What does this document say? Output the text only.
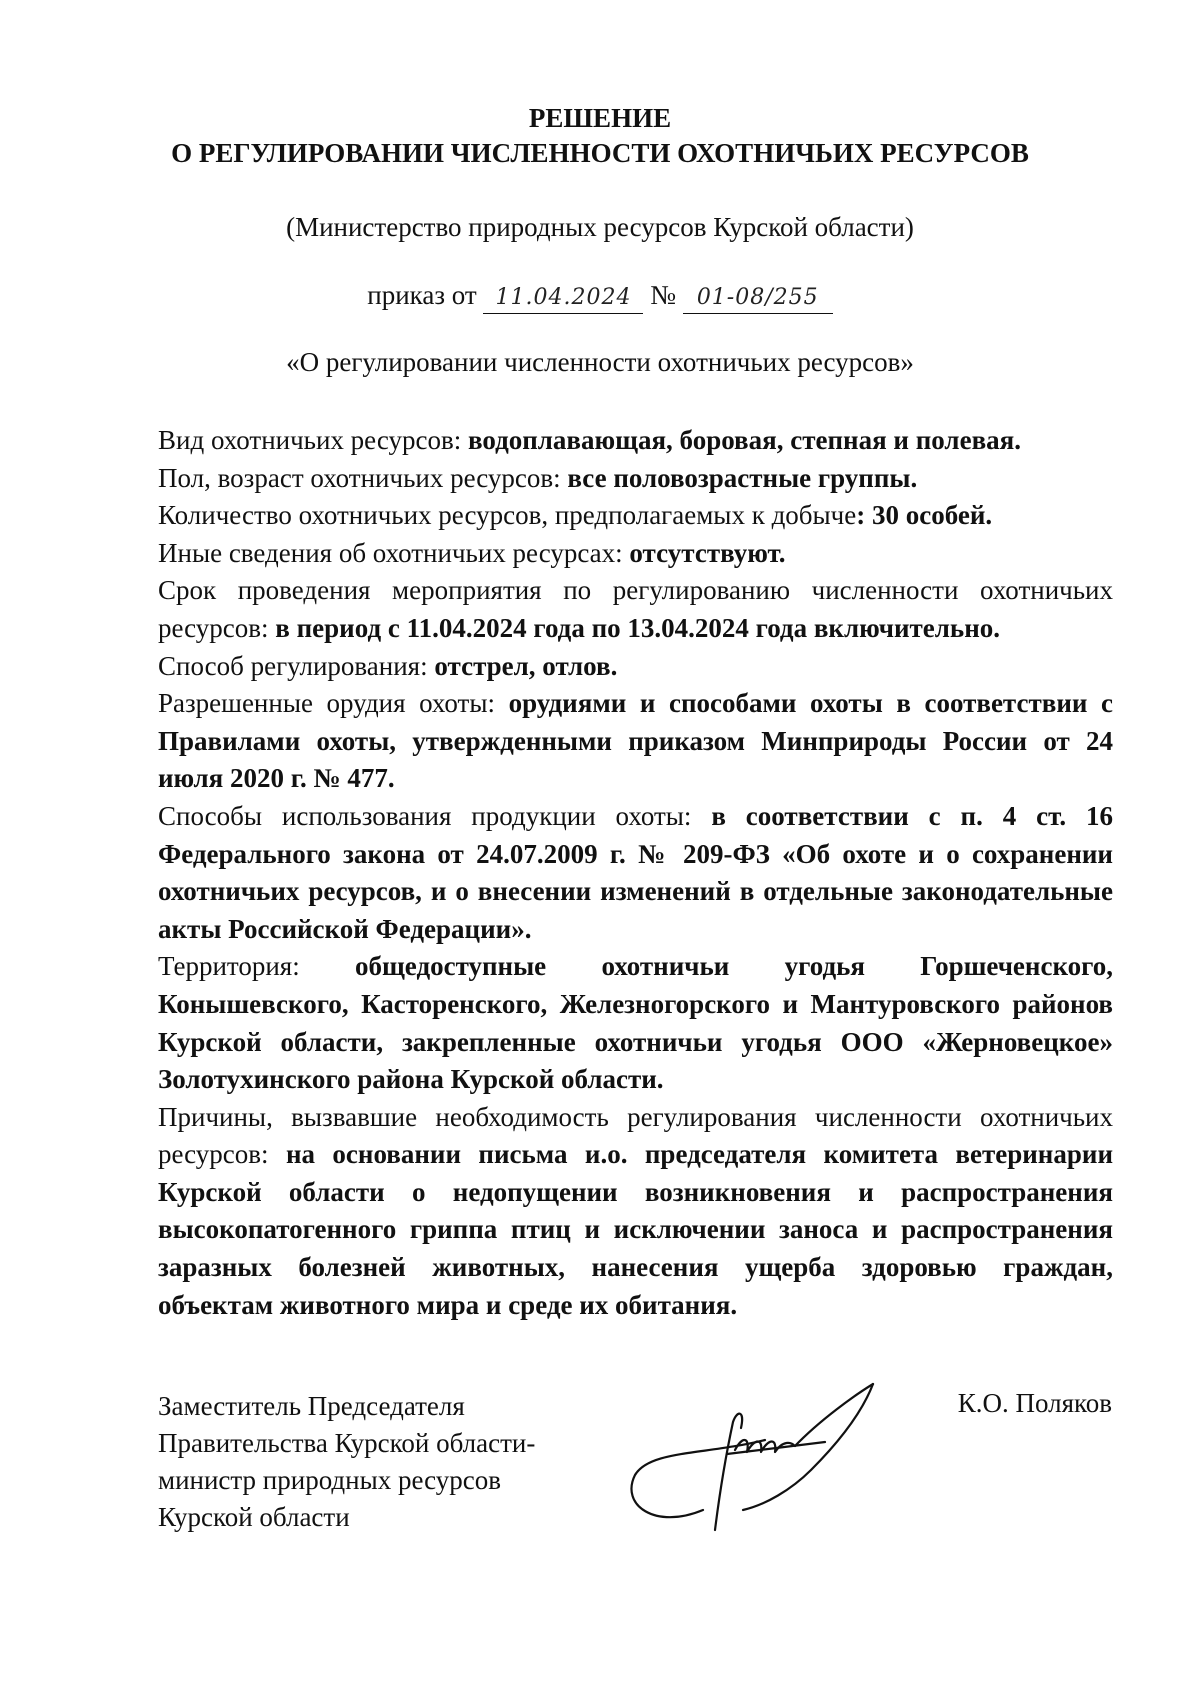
РЕШЕНИЕ
О РЕГУЛИРОВАНИИ ЧИСЛЕННОСТИ ОХОТНИЧЬИХ РЕСУРСОВ
(Министерство природных ресурсов Курской области)
приказ от 11.04.2024 № 01-08/255
«О регулировании численности охотничьих ресурсов»

Вид охотничьих ресурсов: водоплавающая, боровая, степная и полевая.

Пол, возраст охотничьих ресурсов: все половозрастные группы.

Количество охотничьих ресурсов, предполагаемых к добыче: 30 особей.

Иные сведения об охотничьих ресурсах: отсутствуют.

Срок проведения мероприятия по регулированию численности охотничьих ресурсов: в период с 11.04.2024 года по 13.04.2024 года включительно.

Способ регулирования: отстрел, отлов.

Разрешенные орудия охоты: орудиями и способами охоты в соответствии с Правилами охоты, утвержденными приказом Минприроды России от 24 июля 2020 г. № 477.

Способы использования продукции охоты: в соответствии с п. 4 ст. 16 Федерального закона от 24.07.2009 г. № 209-ФЗ «Об охоте и о сохранении охотничьих ресурсов, и о внесении изменений в отдельные законодательные акты Российской Федерации».

Территория: общедоступные охотничьи угодья Горшеченского, Конышевского, Касторенского, Железногорского и Мантуровского районов Курской области, закрепленные охотничьи угодья ООО «Жерновецкое» Золотухинского района Курской области.

Причины, вызвавшие необходимость регулирования численности охотничьих ресурсов: на основании письма и.о. председателя комитета ветеринарии Курской области о недопущении возникновения и распространения высокопатогенного гриппа птиц и исключении заноса и распространения заразных болезней животных, нанесения ущерба здоровью граждан, объектам животного мира и среде их обитания.

Заместитель Председателя
Правительства Курской области-
министр природных ресурсов
Курской области
К.О. Поляков
